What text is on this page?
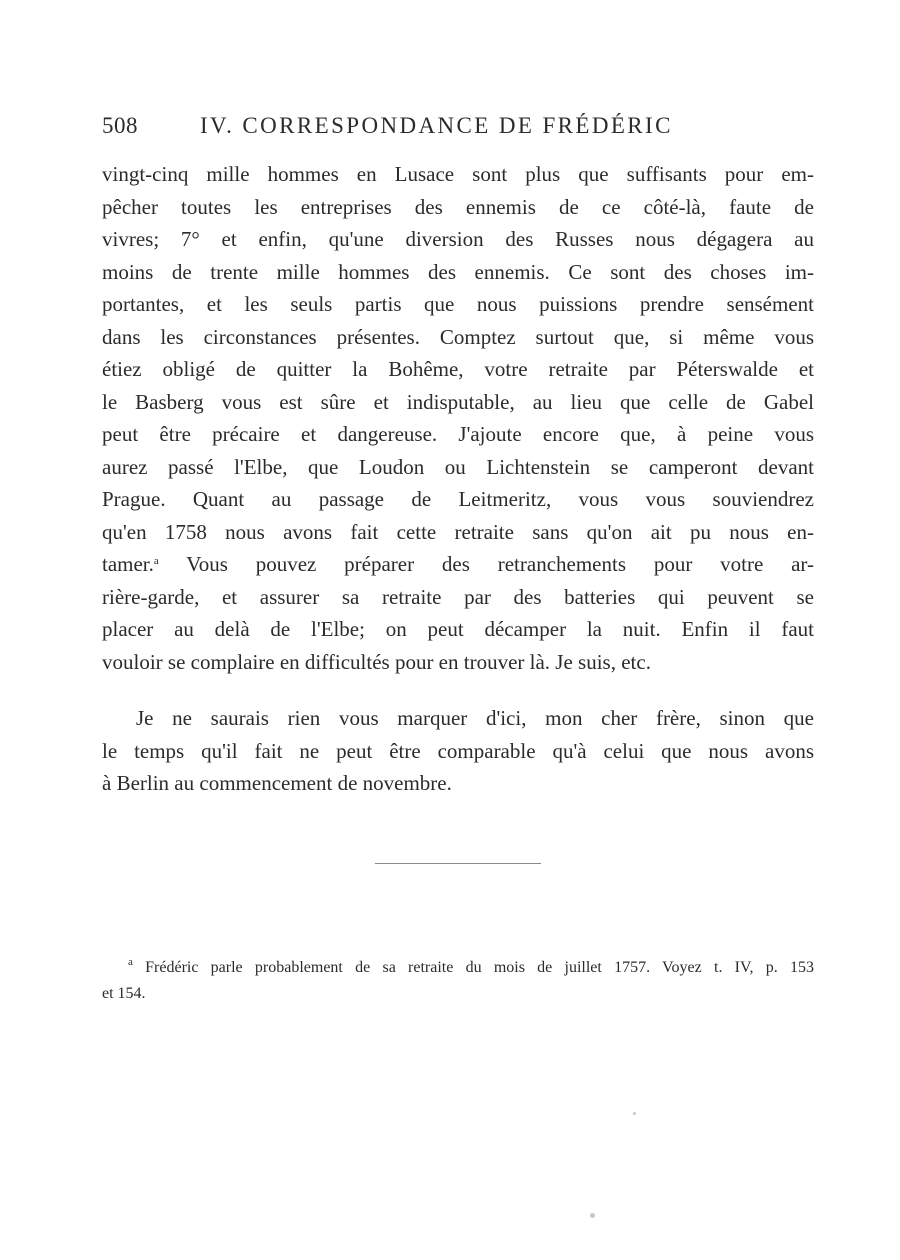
508	IV. CORRESPONDANCE DE FRÉDÉRIC
vingt-cinq mille hommes en Lusace sont plus que suffisants pour em-
pêcher toutes les entreprises des ennemis de ce côté-là, faute de
vivres; 7° et enfin, qu'une diversion des Russes nous dégagera au
moins de trente mille hommes des ennemis. Ce sont des choses im-
portantes, et les seuls partis que nous puissions prendre sensément
dans les circonstances présentes. Comptez surtout que, si même vous
étiez obligé de quitter la Bohême, votre retraite par Péterswalde et
le Basberg vous est sûre et indisputable, au lieu que celle de Gabel
peut être précaire et dangereuse. J'ajoute encore que, à peine vous
aurez passé l'Elbe, que Loudon ou Lichtenstein se camperont devant
Prague. Quant au passage de Leitmeritz, vous vous souviendrez
qu'en 1758 nous avons fait cette retraite sans qu'on ait pu nous en-
tamer.$^a$ Vous pouvez préparer des retranchements pour votre ar-
rière-garde, et assurer sa retraite par des batteries qui peuvent se
placer au delà de l'Elbe; on peut décamper la nuit. Enfin il faut
vouloir se complaire en difficultés pour en trouver là. Je suis, etc.
Je ne saurais rien vous marquer d'ici, mon cher frère, sinon que
le temps qu'il fait ne peut être comparable qu'à celui que nous avons
à Berlin au commencement de novembre.
$^a$ Frédéric parle probablement de sa retraite du mois de juillet 1757. Voyez t. IV, p. 153
et 154.
